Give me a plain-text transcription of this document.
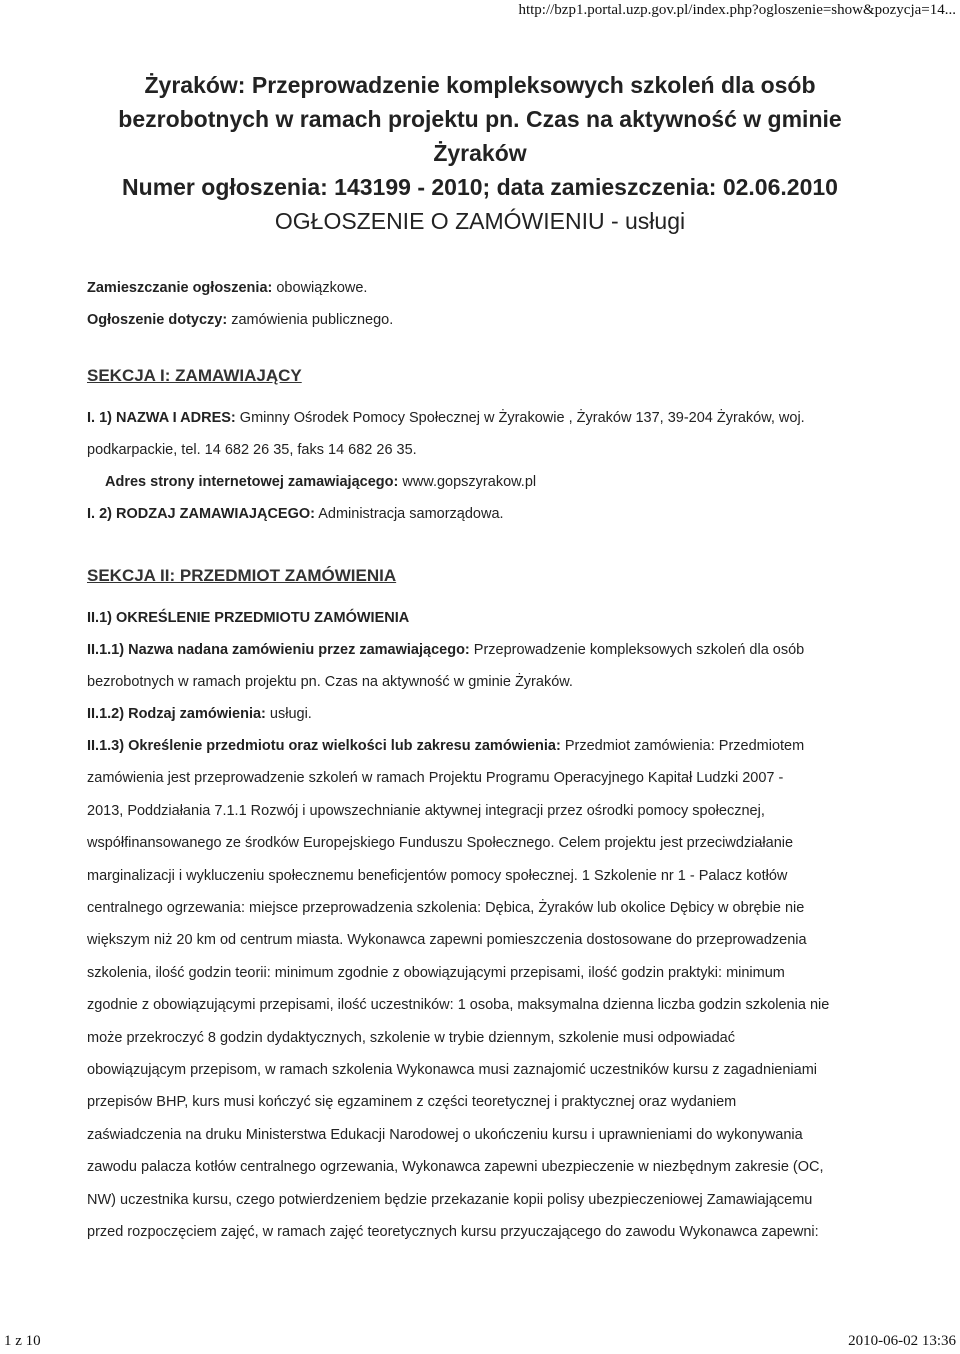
http://bzp1.portal.uzp.gov.pl/index.php?ogloszenie=show&pozycja=14...
Żyraków: Przeprowadzenie kompleksowych szkoleń dla osób
bezrobotnych w ramach projektu pn. Czas na aktywność w gminie
Żyraków
Numer ogłoszenia: 143199 - 2010; data zamieszczenia: 02.06.2010
OGŁOSZENIE O ZAMÓWIENIU - usługi

Zamieszczanie ogłoszenia: obowiązkowe.

Ogłoszenie dotyczy: zamówienia publicznego.

SEKCJA I: ZAMAWIAJĄCY

I. 1) NAZWA I ADRES: Gminny Ośrodek Pomocy Społecznej w Żyrakowie , Żyraków 137, 39-204 Żyraków, woj.

podkarpackie, tel. 14 682 26 35, faks 14 682 26 35.

Adres strony internetowej zamawiającego: www.gopszyrakow.pl

I. 2) RODZAJ ZAMAWIAJĄCEGO: Administracja samorządowa.

SEKCJA II: PRZEDMIOT ZAMÓWIENIA

II.1) OKREŚLENIE PRZEDMIOTU ZAMÓWIENIA

II.1.1) Nazwa nadana zamówieniu przez zamawiającego: Przeprowadzenie kompleksowych szkoleń dla osób

bezrobotnych w ramach projektu pn. Czas na aktywność w gminie Żyraków.

II.1.2) Rodzaj zamówienia: usługi.

II.1.3) Określenie przedmiotu oraz wielkości lub zakresu zamówienia: Przedmiot zamówienia: Przedmiotem

zamówienia jest przeprowadzenie szkoleń w ramach Projektu Programu Operacyjnego Kapitał Ludzki 2007 -

2013, Poddziałania 7.1.1 Rozwój i upowszechnianie aktywnej integracji przez ośrodki pomocy społecznej,

współfinansowanego ze środków Europejskiego Funduszu Społecznego. Celem projektu jest przeciwdziałanie

marginalizacji i wykluczeniu społecznemu beneficjentów pomocy społecznej. 1 Szkolenie nr 1 - Palacz kotłów

centralnego ogrzewania: miejsce przeprowadzenia szkolenia: Dębica, Żyraków lub okolice Dębicy w obrębie nie

większym niż 20 km od centrum miasta. Wykonawca zapewni pomieszczenia dostosowane do przeprowadzenia

szkolenia, ilość godzin teorii: minimum zgodnie z obowiązującymi przepisami, ilość godzin praktyki: minimum

zgodnie z obowiązującymi przepisami, ilość uczestników: 1 osoba, maksymalna dzienna liczba godzin szkolenia nie

może przekroczyć 8 godzin dydaktycznych, szkolenie w trybie dziennym, szkolenie musi odpowiadać

obowiązującym przepisom, w ramach szkolenia Wykonawca musi zaznajomić uczestników kursu z zagadnieniami

przepisów BHP, kurs musi kończyć się egzaminem z części teoretycznej i praktycznej oraz wydaniem

zaświadczenia na druku Ministerstwa Edukacji Narodowej o ukończeniu kursu i uprawnieniami do wykonywania

zawodu palacza kotłów centralnego ogrzewania, Wykonawca zapewni ubezpieczenie w niezbędnym zakresie (OC,

NW) uczestnika kursu, czego potwierdzeniem będzie przekazanie kopii polisy ubezpieczeniowej Zamawiającemu

przed rozpoczęciem zajęć, w ramach zajęć teoretycznych kursu przyuczającego do zawodu Wykonawca zapewni:

1 z 10	2010-06-02 13:36
